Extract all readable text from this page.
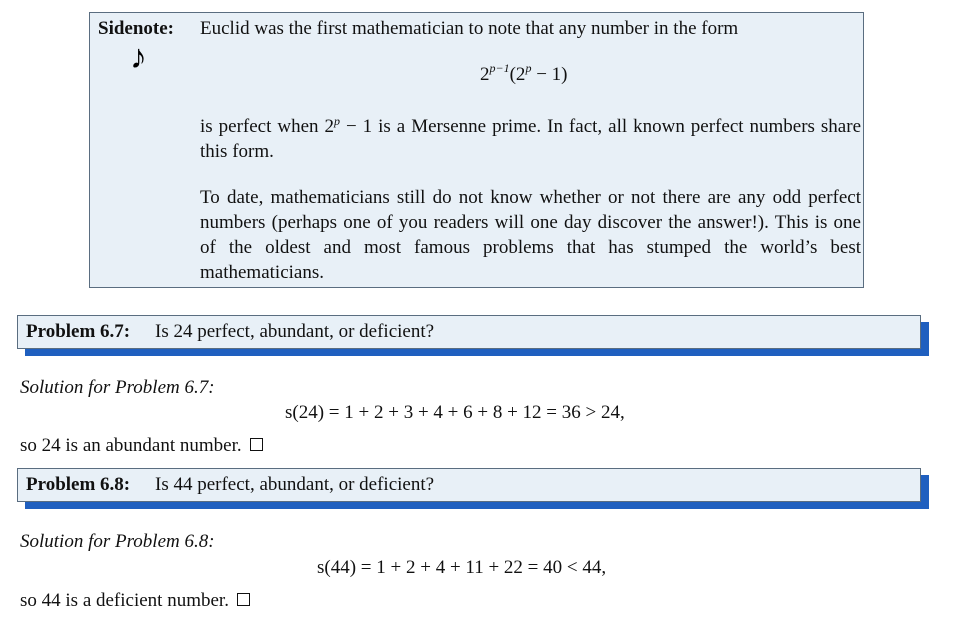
Sidenote:
♪
Euclid was the first mathematician to note that any number in the form
$2^{p-1}(2^p - 1)$
is perfect when $2^p - 1$ is a Mersenne prime. In fact, all known perfect numbers share this form.
To date, mathematicians still do not know whether or not there are any odd perfect numbers (perhaps one of you readers will one day discover the answer!). This is one of the oldest and most famous problems that has stumped the world’s best mathematicians.
Problem 6.7: Is 24 perfect, abundant, or deficient?
Solution for Problem 6.7:
s(24) = 1 + 2 + 3 + 4 + 6 + 8 + 12 = 36 > 24,
so 24 is an abundant number.
Problem 6.8: Is 44 perfect, abundant, or deficient?
Solution for Problem 6.8:
s(44) = 1 + 2 + 4 + 11 + 22 = 40 < 44,
so 44 is a deficient number.
